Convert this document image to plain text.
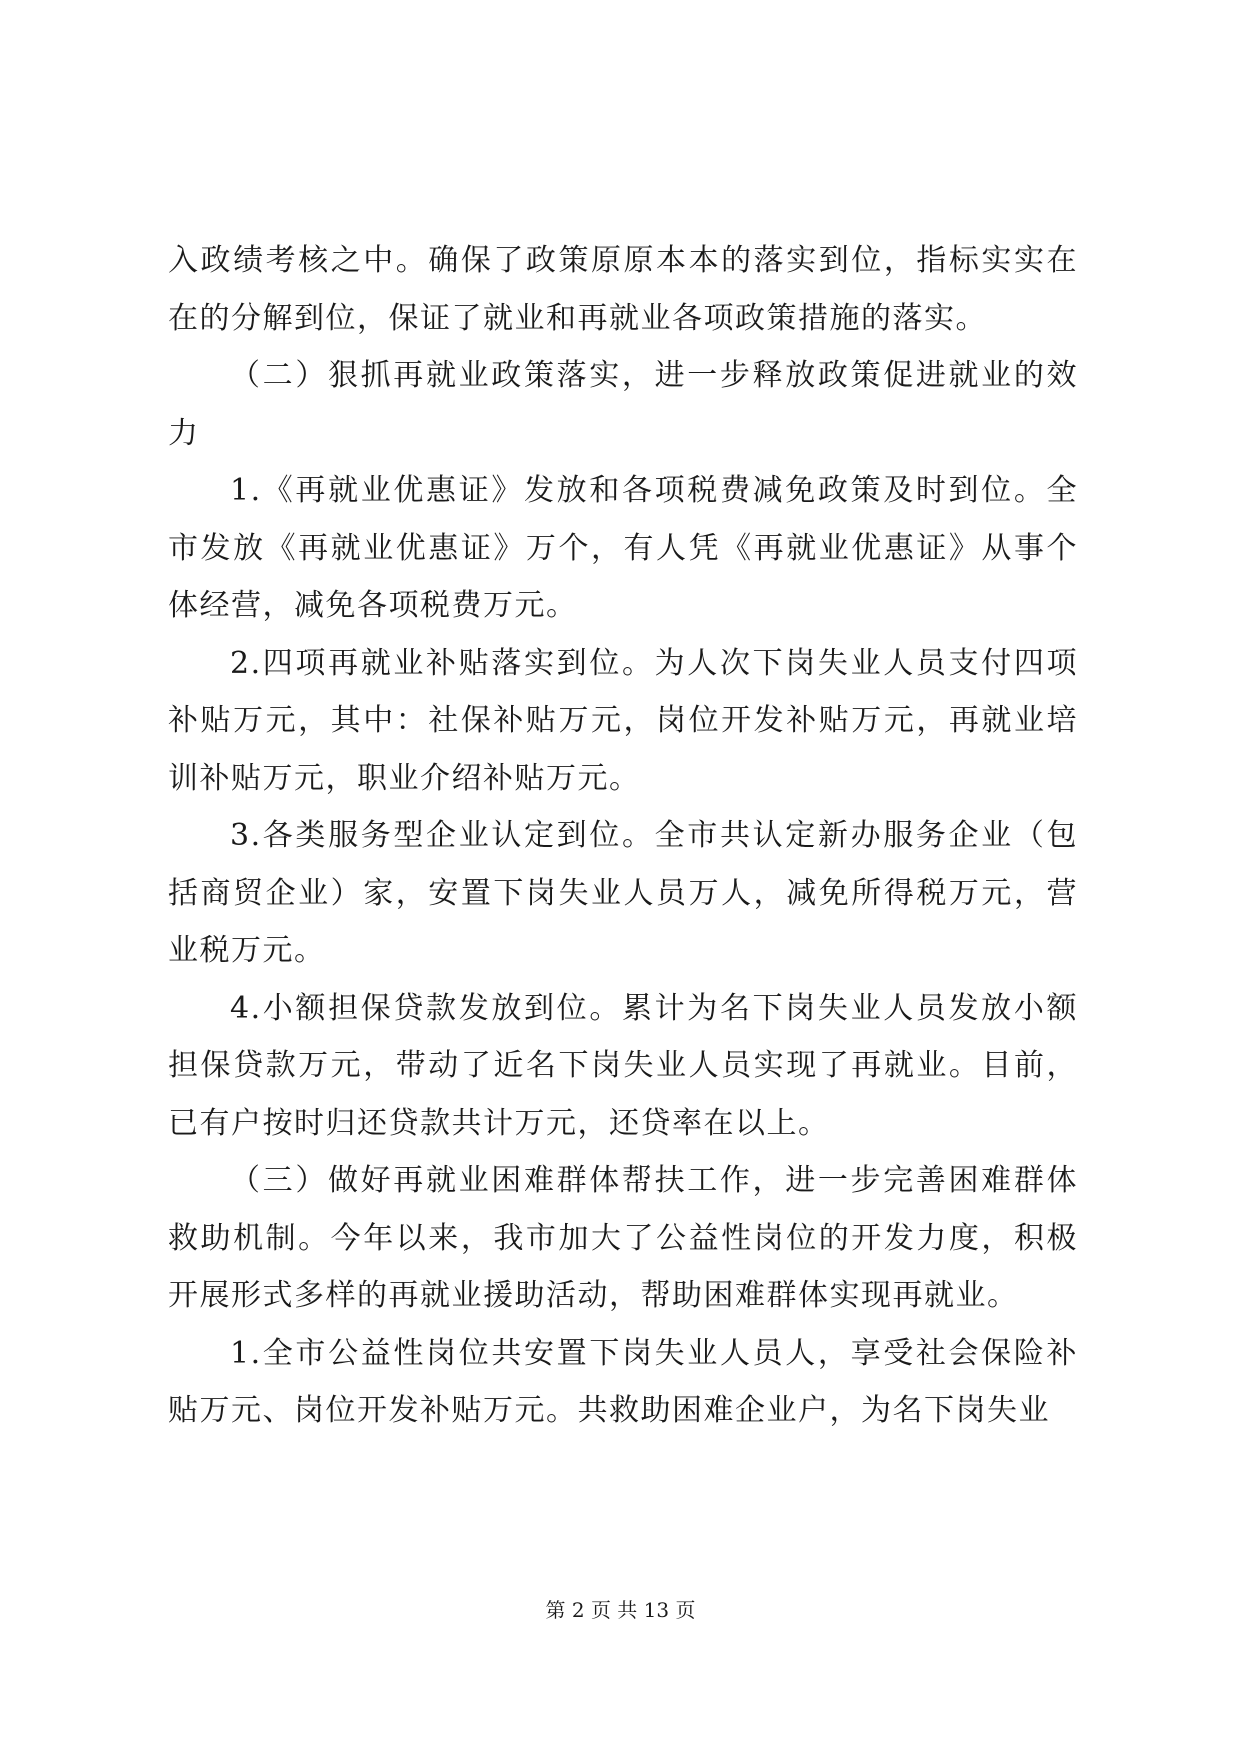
入政绩考核之中。确保了政策原原本本的落实到位，指标实实在在的分解到位，保证了就业和再就业各项政策措施的落实。

（二）狠抓再就业政策落实，进一步释放政策促进就业的效力

1.《再就业优惠证》发放和各项税费减免政策及时到位。全市发放《再就业优惠证》万个，有人凭《再就业优惠证》从事个体经营，减免各项税费万元。

2.四项再就业补贴落实到位。为人次下岗失业人员支付四项补贴万元，其中：社保补贴万元，岗位开发补贴万元，再就业培训补贴万元，职业介绍补贴万元。

3.各类服务型企业认定到位。全市共认定新办服务企业（包括商贸企业）家，安置下岗失业人员万人，减免所得税万元，营业税万元。

4.小额担保贷款发放到位。累计为名下岗失业人员发放小额担保贷款万元，带动了近名下岗失业人员实现了再就业。目前，已有户按时归还贷款共计万元，还贷率在以上。

（三）做好再就业困难群体帮扶工作，进一步完善困难群体救助机制。今年以来，我市加大了公益性岗位的开发力度，积极开展形式多样的再就业援助活动，帮助困难群体实现再就业。

1.全市公益性岗位共安置下岗失业人员人，享受社会保险补贴万元、岗位开发补贴万元。共救助困难企业户，为名下岗失业

第 2 页 共 13 页
